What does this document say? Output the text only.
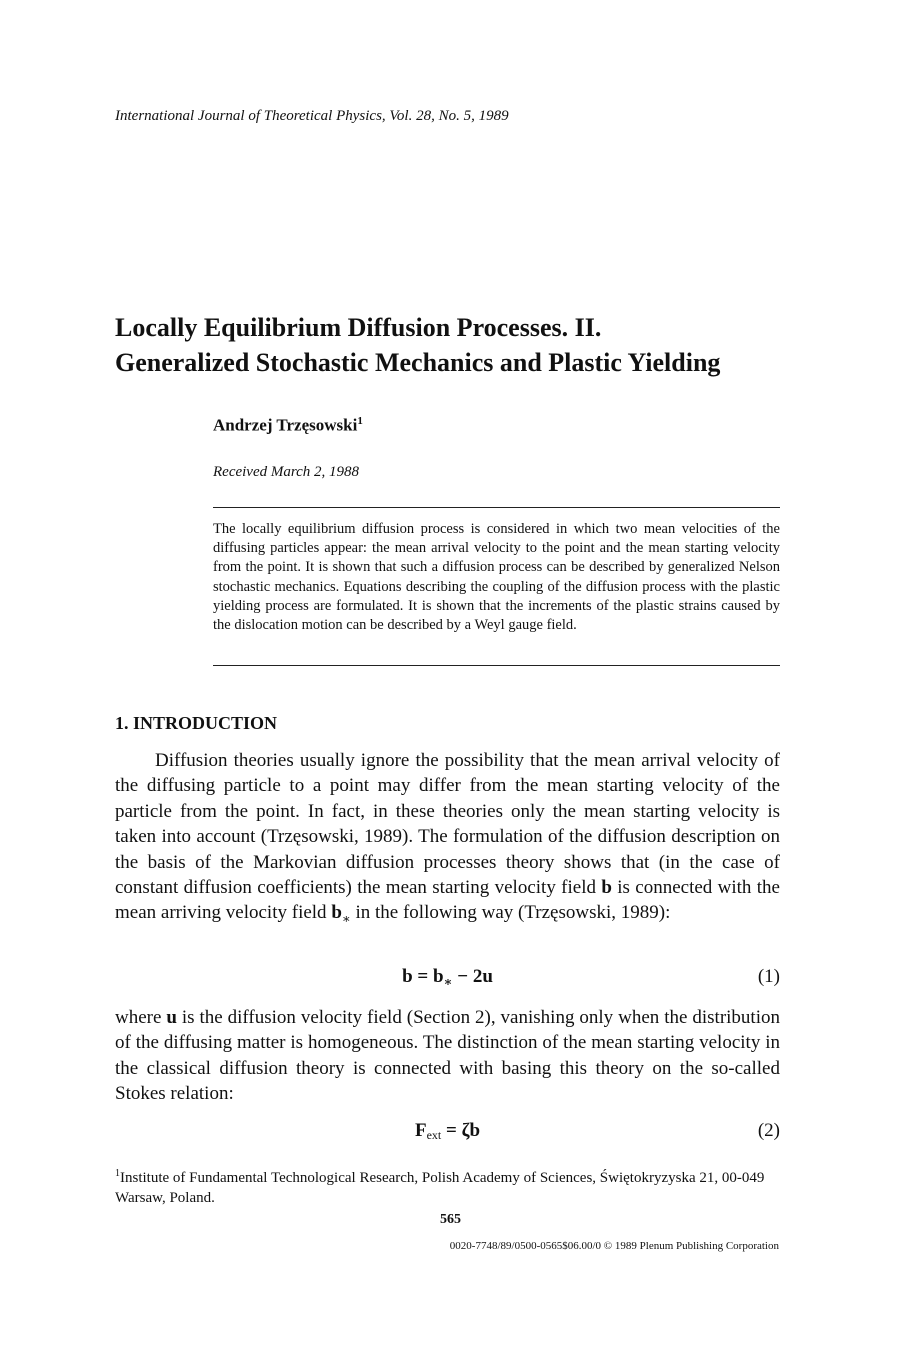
International Journal of Theoretical Physics, Vol. 28, No. 5, 1989
Locally Equilibrium Diffusion Processes. II.
Generalized Stochastic Mechanics and Plastic Yielding
Andrzej Trzęsowski$^1$
Received March 2, 1988
The locally equilibrium diffusion process is considered in which two mean velocities of the diffusing particles appear: the mean arrival velocity to the point and the mean starting velocity from the point. It is shown that such a diffusion process can be described by generalized Nelson stochastic mechanics. Equations describing the coupling of the diffusion process with the plastic yielding process are formulated. It is shown that the increments of the plastic strains caused by the dislocation motion can be described by a Weyl gauge field.
1. INTRODUCTION

Diffusion theories usually ignore the possibility that the mean arrival velocity of the diffusing particle to a point may differ from the mean starting velocity of the particle from the point. In fact, in these theories only the mean starting velocity is taken into account (Trzęsowski, 1989). The formulation of the diffusion description on the basis of the Markovian diffusion processes theory shows that (in the case of constant diffusion coefficients) the mean starting velocity field b is connected with the mean arriving velocity field $b_∗$ in the following way (Trzęsowski, 1989):

$b = b_∗ - 2u$	(1)

where u is the diffusion velocity field (Section 2), vanishing only when the distribution of the diffusing matter is homogeneous. The distinction of the mean starting velocity in the classical diffusion theory is connected with basing this theory on the so-called Stokes relation:

$F_{ext} = \zeta b$	(2)
$^1$Institute of Fundamental Technological Research, Polish Academy of Sciences, Świętokryzyska 21, 00-049 Warsaw, Poland.
565
0020-7748/89/0500-0565$06.00/0 © 1989 Plenum Publishing Corporation
